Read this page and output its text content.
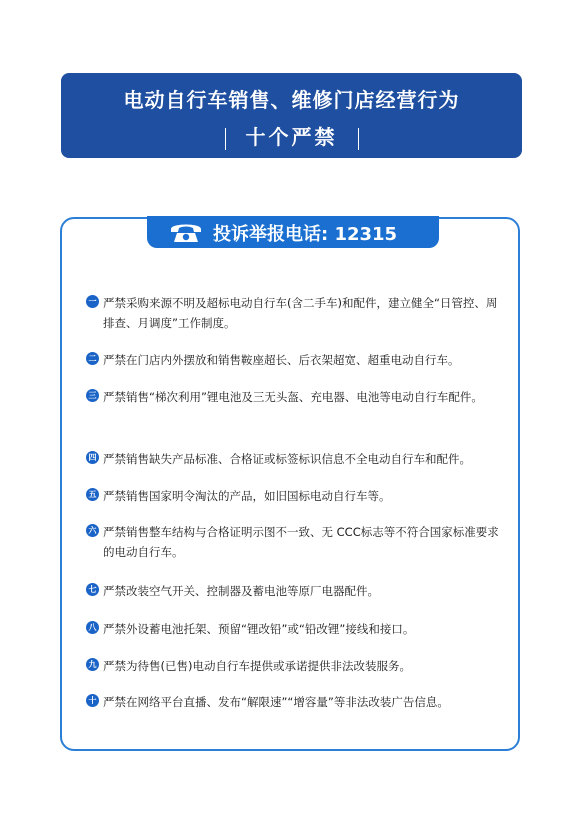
电动自行车销售、维修门店经营行为
十个严禁
投诉举报电话: 12315
一 严禁采购来源不明及超标电动自行车(含二手车)和配件，建立健全“日管控、周排查、月调度”工作制度。
二 严禁在门店内外摆放和销售鞍座超长、后衣架超宽、超重电动自行车。
三 严禁销售“梯次利用”锂电池及三无头盔、充电器、电池等电动自行车配件。
四 严禁销售缺失产品标准、合格证或标签标识信息不全电动自行车和配件。
五 严禁销售国家明令淘汰的产品，如旧国标电动自行车等。
六 严禁销售整车结构与合格证明示图不一致、无 CCC标志等不符合国家标准要求的电动自行车。
七 严禁改装空气开关、控制器及蓄电池等原厂电器配件。
八 严禁外设蓄电池托架、预留“锂改铅”或“铅改锂”接线和接口。
九 严禁为待售(已售)电动自行车提供或承诺提供非法改装服务。
十 严禁在网络平台直播、发布“解限速”“增容量”等非法改装广告信息。
